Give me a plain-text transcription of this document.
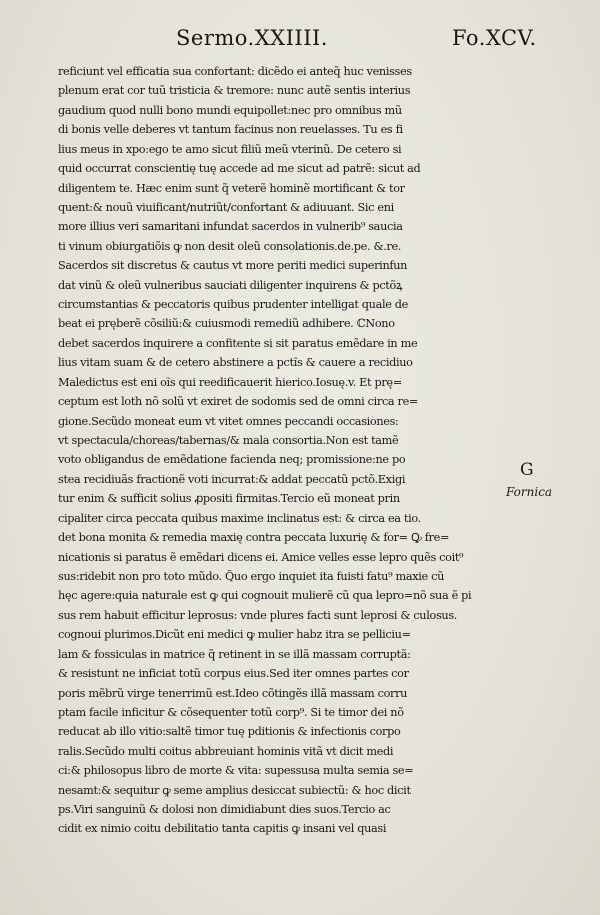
Sermo.XXIIII.	Fo.XCV.
reficiunt vel efficatia sua confortant: dicẽdo ei anteq̃ huc venisses
plenum erat cor tuũ tristicia & tremore: nunc autẽ sentis interius
gaudium quod nulli bono mundi equipollet:nec pro omnibus mũ
di bonis velle deberes vt tantum facinus non reuelasses. Tu es fi
lius meus in xpo:ego te amo sicut filiũ meũ vterinũ. De cetero si
quid occurrat conscientię tuę accede ad me sicut ad patrẽ: sicut ad
diligentem te. Hæc enim sunt q̃ veterẽ hominẽ mortificant & tor
quent:& nouũ viuificant/nutriũt/confortant & adiuuant. Sic eni
more illius veri samaritani infundat sacerdos in vulnerib⁹ saucia
ti vinum obiurgatiõis ꝙ non desit oleũ consolationis.de.pe. &.re.
Sacerdos sit discretus & cautus vt more periti medici superinfun
dat vinũ & oleũ vulneribus sauciati diligenter inquirens & pctõꝝ
circumstantias & peccatoris quibus prudenter intelligat quale de
beat ei pręberẽ cõsiliũ:& cuiusmodi remediũ adhibere. ℂNono
debet sacerdos inquirere a confitente si sit paratus emẽdare in me
lius vitam suam & de cetero abstinere a pctĩs & cauere a recidiuo
Maledictus est eni oĩs qui reedificauerit hierico.Iosuę.v. Et prę=
ceptum est loth nõ solũ vt exiret de sodomis sed de omni circa re=
gione.Secũdo moneat eum vt vitet omnes peccandi occasiones:
vt spectacula/choreas/tabernas/& mala consortia.Non est tamẽ
voto obligandus de emẽdatione facienda neq; promissione:ne po
stea recidiuãs fractionẽ voti incurrat:& addat peccatũ pctõ.Exigi
tur enim & sufficit solius ꝓpositi firmitas.Tercio eũ moneat prin
cipaliter circa peccata quibus maxime inclinatus est: & circa ea tio.
det bona monita & remedia maxię contra peccata luxurię & for= Ꝙ fre=
nicationis si paratus ẽ emẽdari dicens ei. Amice velles esse lepro quẽs coit⁹
sus:ridebit non pro toto mũdo. Q̃uo ergo inquiet ita fuisti fatu⁹ maxie cũ
hęc agere:quia naturale est ꝙ qui cognouit mulierẽ cũ qua lepro=nõ sua ẽ pi
sus rem habuit efficitur leprosus: vnde plures facti sunt leprosi & culosus.
cognoui plurimos.Dicũt eni medici ꝙ mulier habz itra se pelliciu=
lam & fossiculas in matrice q̃ retinent in se illã massam corruptã:
& resistunt ne inficiat totũ corpus eius.Sed iter omnes partes cor
poris mẽbrũ virge tenerrimũ est.Ideo cõtingẽs illã massam corru
ptam facile inficitur & cõsequenter totũ corp⁹. Si te timor dei nõ
reducat ab illo vitio:saltẽ timor tuę pditionis & infectionis corpo
ralis.Secũdo multi coitus abbreuiant hominis vitã vt dicit medi
ci:& philosopus libro de morte & vita: supessusa multa semia se=
nesamt:& sequitur ꝙ seme amplius desiccat subiectũ: & hoc dicit
ps.Viri sanguinũ & dolosi non dimidiabunt dies suos.Tercio ac
cidit ex nimio coitu debilitatio tanta capitis ꝙ insani vel quasi
G
Fornica
